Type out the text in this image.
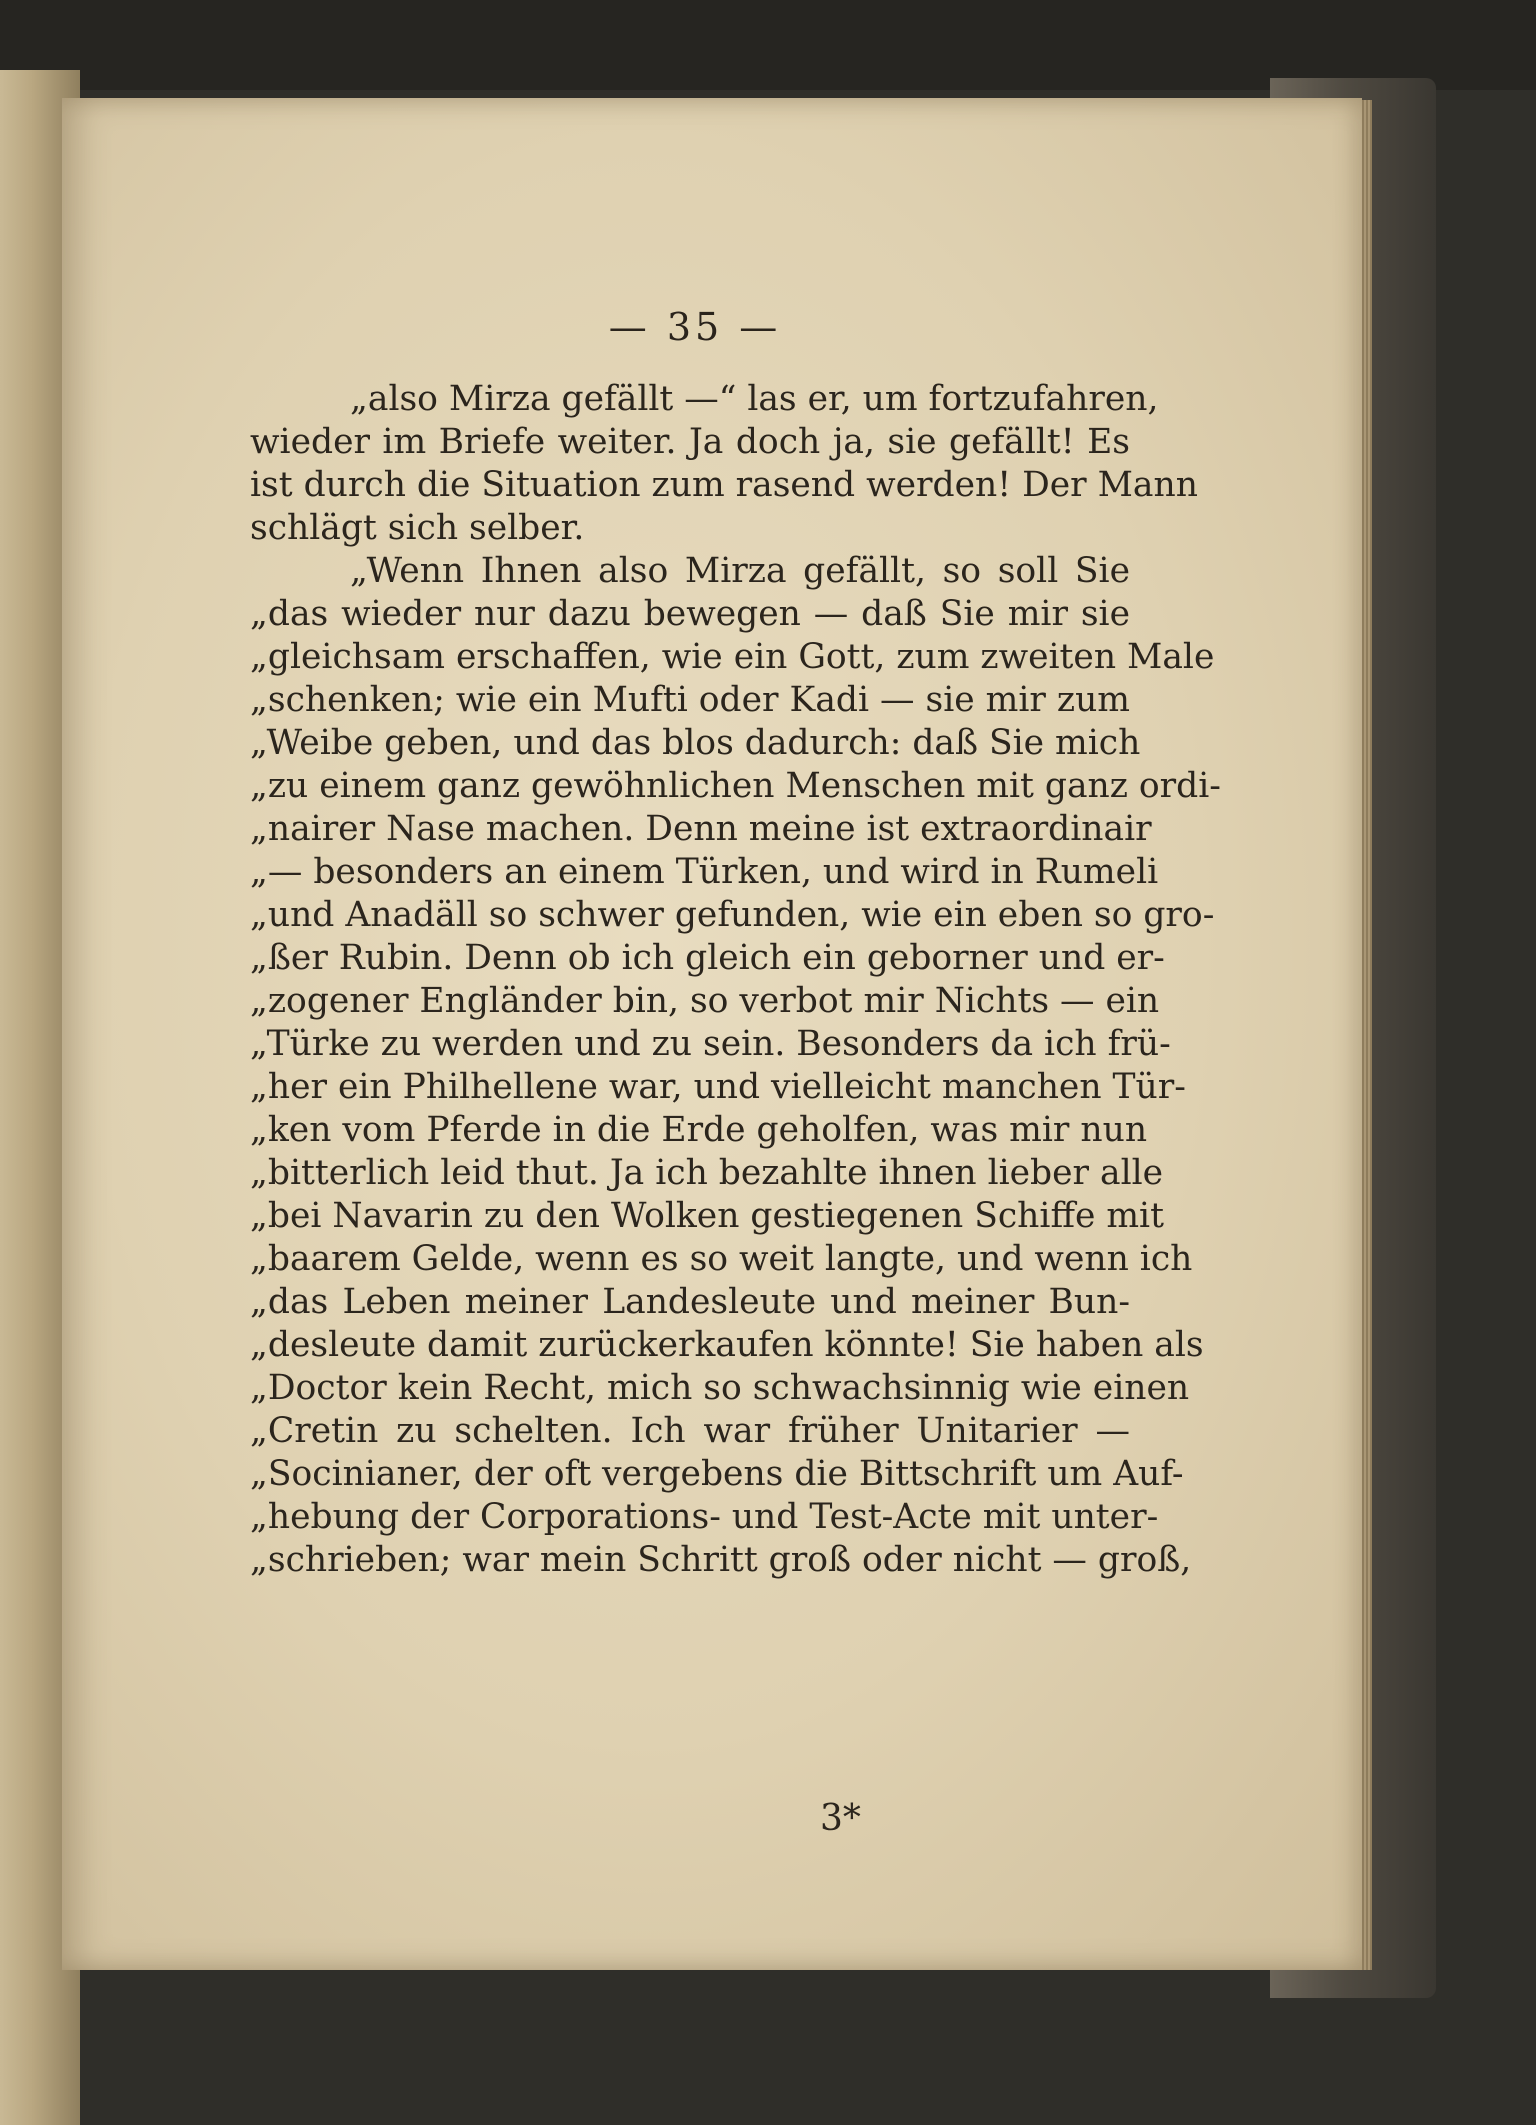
— 35 —
„also Mirza gefällt —“ las er, um fortzufahren,
wieder im Briefe weiter. Ja doch ja, sie gefällt! Es
ist durch die Situation zum rasend werden! Der Mann
schlägt sich selber.
„Wenn Ihnen also Mirza gefällt, so soll Sie
„das wieder nur dazu bewegen — daß Sie mir sie
„gleichsam erschaffen, wie ein Gott, zum zweiten Male
„schenken; wie ein Mufti oder Kadi — sie mir zum
„Weibe geben, und das blos dadurch: daß Sie mich
„zu einem ganz gewöhnlichen Menschen mit ganz ordi-
„nairer Nase machen. Denn meine ist extraordinair
„— besonders an einem Türken, und wird in Rumeli
„und Anadäll so schwer gefunden, wie ein eben so gro-
„ßer Rubin. Denn ob ich gleich ein geborner und er-
„zogener Engländer bin, so verbot mir Nichts — ein
„Türke zu werden und zu sein. Besonders da ich frü-
„her ein Philhellene war, und vielleicht manchen Tür-
„ken vom Pferde in die Erde geholfen, was mir nun
„bitterlich leid thut. Ja ich bezahlte ihnen lieber alle
„bei Navarin zu den Wolken gestiegenen Schiffe mit
„baarem Gelde, wenn es so weit langte, und wenn ich
„das Leben meiner Landesleute und meiner Bun-
„desleute damit zurückerkaufen könnte! Sie haben als
„Doctor kein Recht, mich so schwachsinnig wie einen
„Cretin zu schelten. Ich war früher Unitarier —
„Socinianer, der oft vergebens die Bittschrift um Auf-
„hebung der Corporations- und Test-Acte mit unter-
„schrieben; war mein Schritt groß oder nicht — groß,
3*
